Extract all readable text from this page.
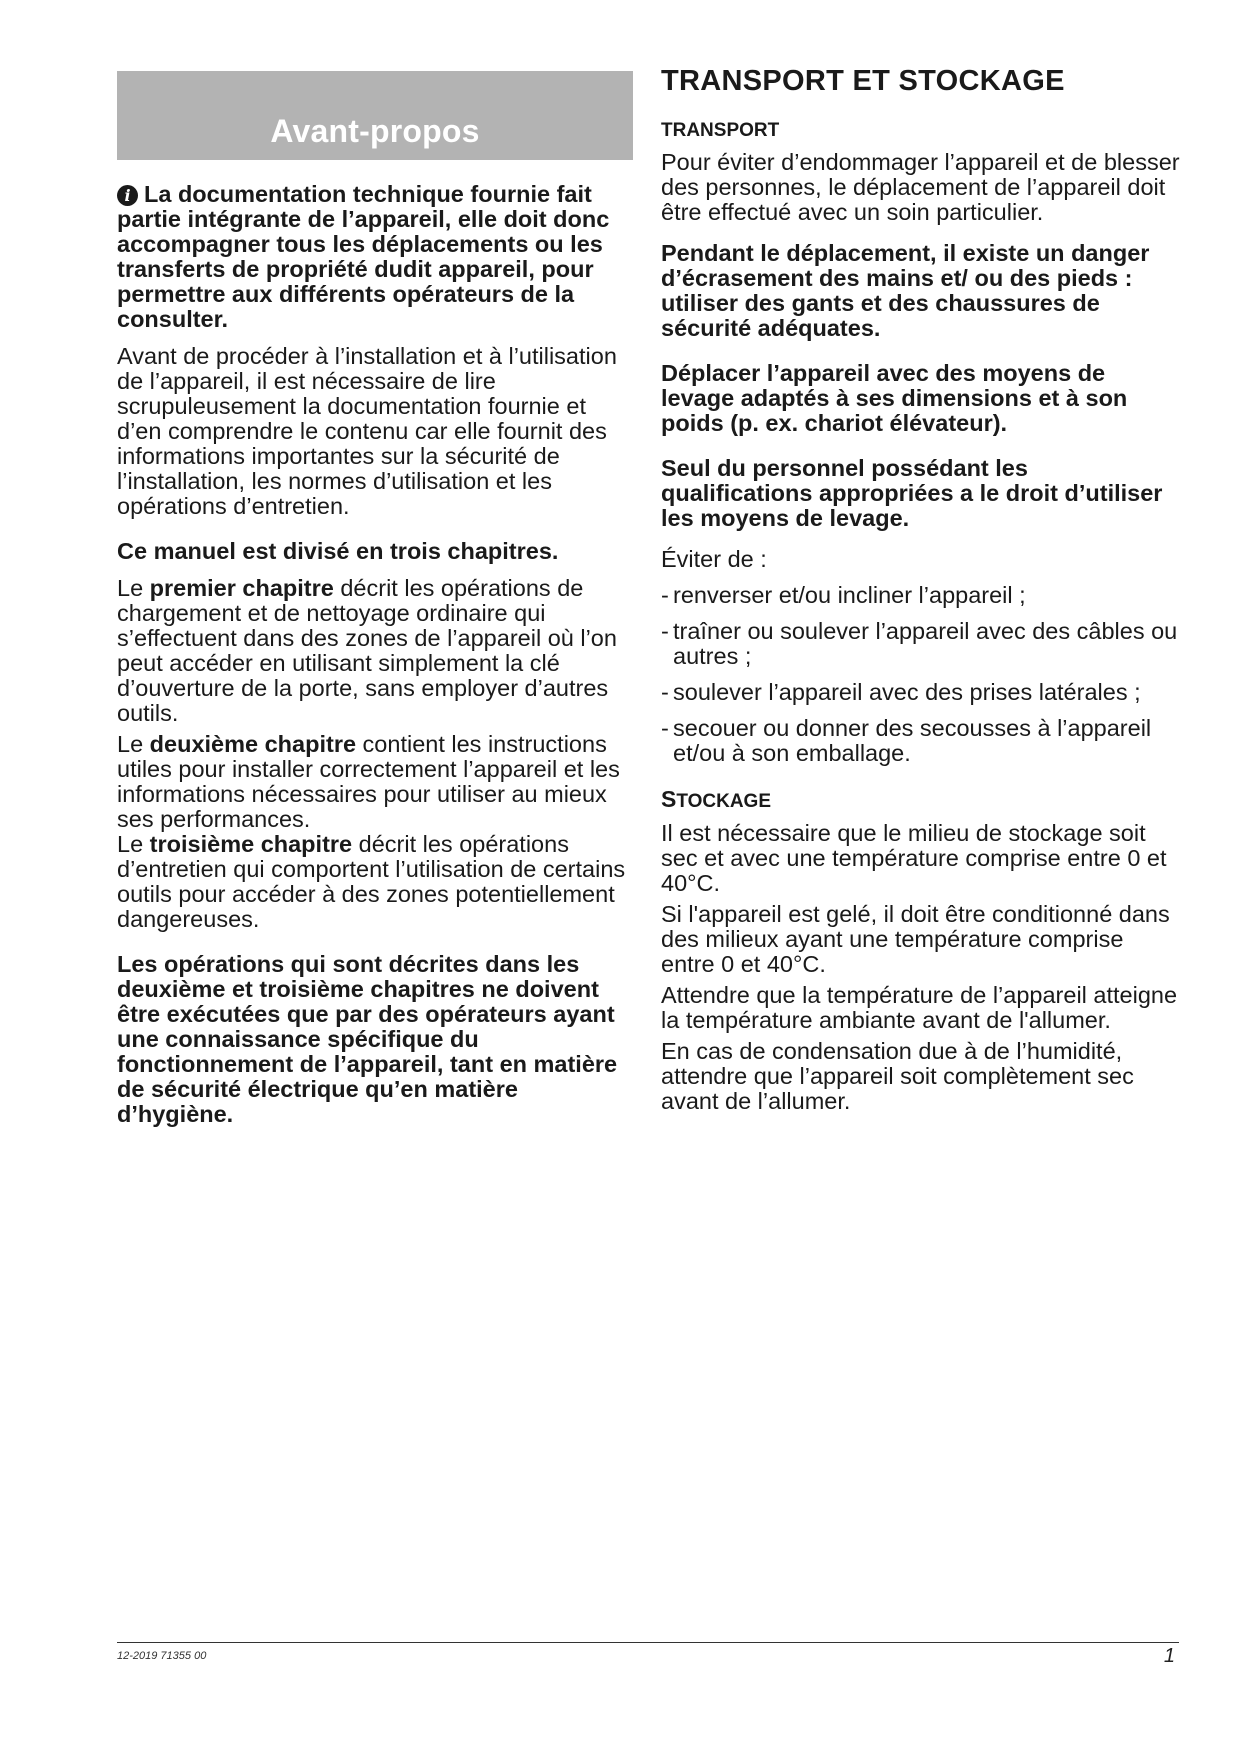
Avant-propos

i La documentation technique fournie fait partie intégrante de l’appareil, elle doit donc accompagner tous les déplacements ou les transferts de propriété dudit appareil, pour permettre aux différents opérateurs de la consulter.

Avant de procéder à l’installation et à l’utilisation de l’appareil, il est nécessaire de lire scrupuleusement la documentation fournie et d’en comprendre le contenu car elle fournit des informations importantes sur la sécurité de l’installation, les normes d’utilisation et les opérations d’entretien.

Ce manuel est divisé en trois chapitres.

Le premier chapitre décrit les opérations de chargement et de nettoyage ordinaire qui s’effectuent dans des zones de l’appareil où l’on peut accéder en utilisant simplement la clé d’ouverture de la porte, sans employer d’autres outils.

Le deuxième chapitre contient les instructions utiles pour installer correctement l’appareil et les informations nécessaires pour utiliser au mieux ses performances.

Le troisième chapitre décrit les opérations d’entretien qui comportent l’utilisation de certains outils pour accéder à des zones potentiellement dangereuses.

Les opérations qui sont décrites dans les deuxième et troisième chapitres ne doivent être exécutées que par des opérateurs ayant une connaissance spécifique du fonctionnement de l’appareil, tant en matière de sécurité électrique qu’en matière d’hygiène.

TRANSPORT ET STOCKAGE
TRANSPORT

Pour éviter d’endommager l’appareil et de blesser des personnes, le déplacement de l’appareil doit être effectué avec un soin particulier.

Pendant le déplacement, il existe un danger d’écrasement des mains et/ ou des pieds : utiliser des gants et des chaussures de sécurité adéquates.

Déplacer l’appareil avec des moyens de levage adaptés à ses dimensions et à son poids (p. ex. chariot élévateur).

Seul du personnel possédant les qualifications appropriées a le droit d’utiliser les moyens de levage.

Éviter de :

- renverser et/ou incliner l’appareil ;
- traîner ou soulever l’appareil avec des câbles ou autres ;
- soulever l’appareil avec des prises latérales ;
- secouer ou donner des secousses à l’appareil et/ou à son emballage.
STOCKAGE

Il est nécessaire que le milieu de stockage soit sec et avec une température comprise entre 0 et 40°C.

Si l'appareil est gelé, il doit être conditionné dans des milieux ayant une température comprise entre 0 et 40°C.

Attendre que la température de l’appareil atteigne la température ambiante avant de l'allumer.

En cas de condensation due à de l’humidité, attendre que l’appareil soit complètement sec avant de l’allumer.

12-2019 71355 00	1
